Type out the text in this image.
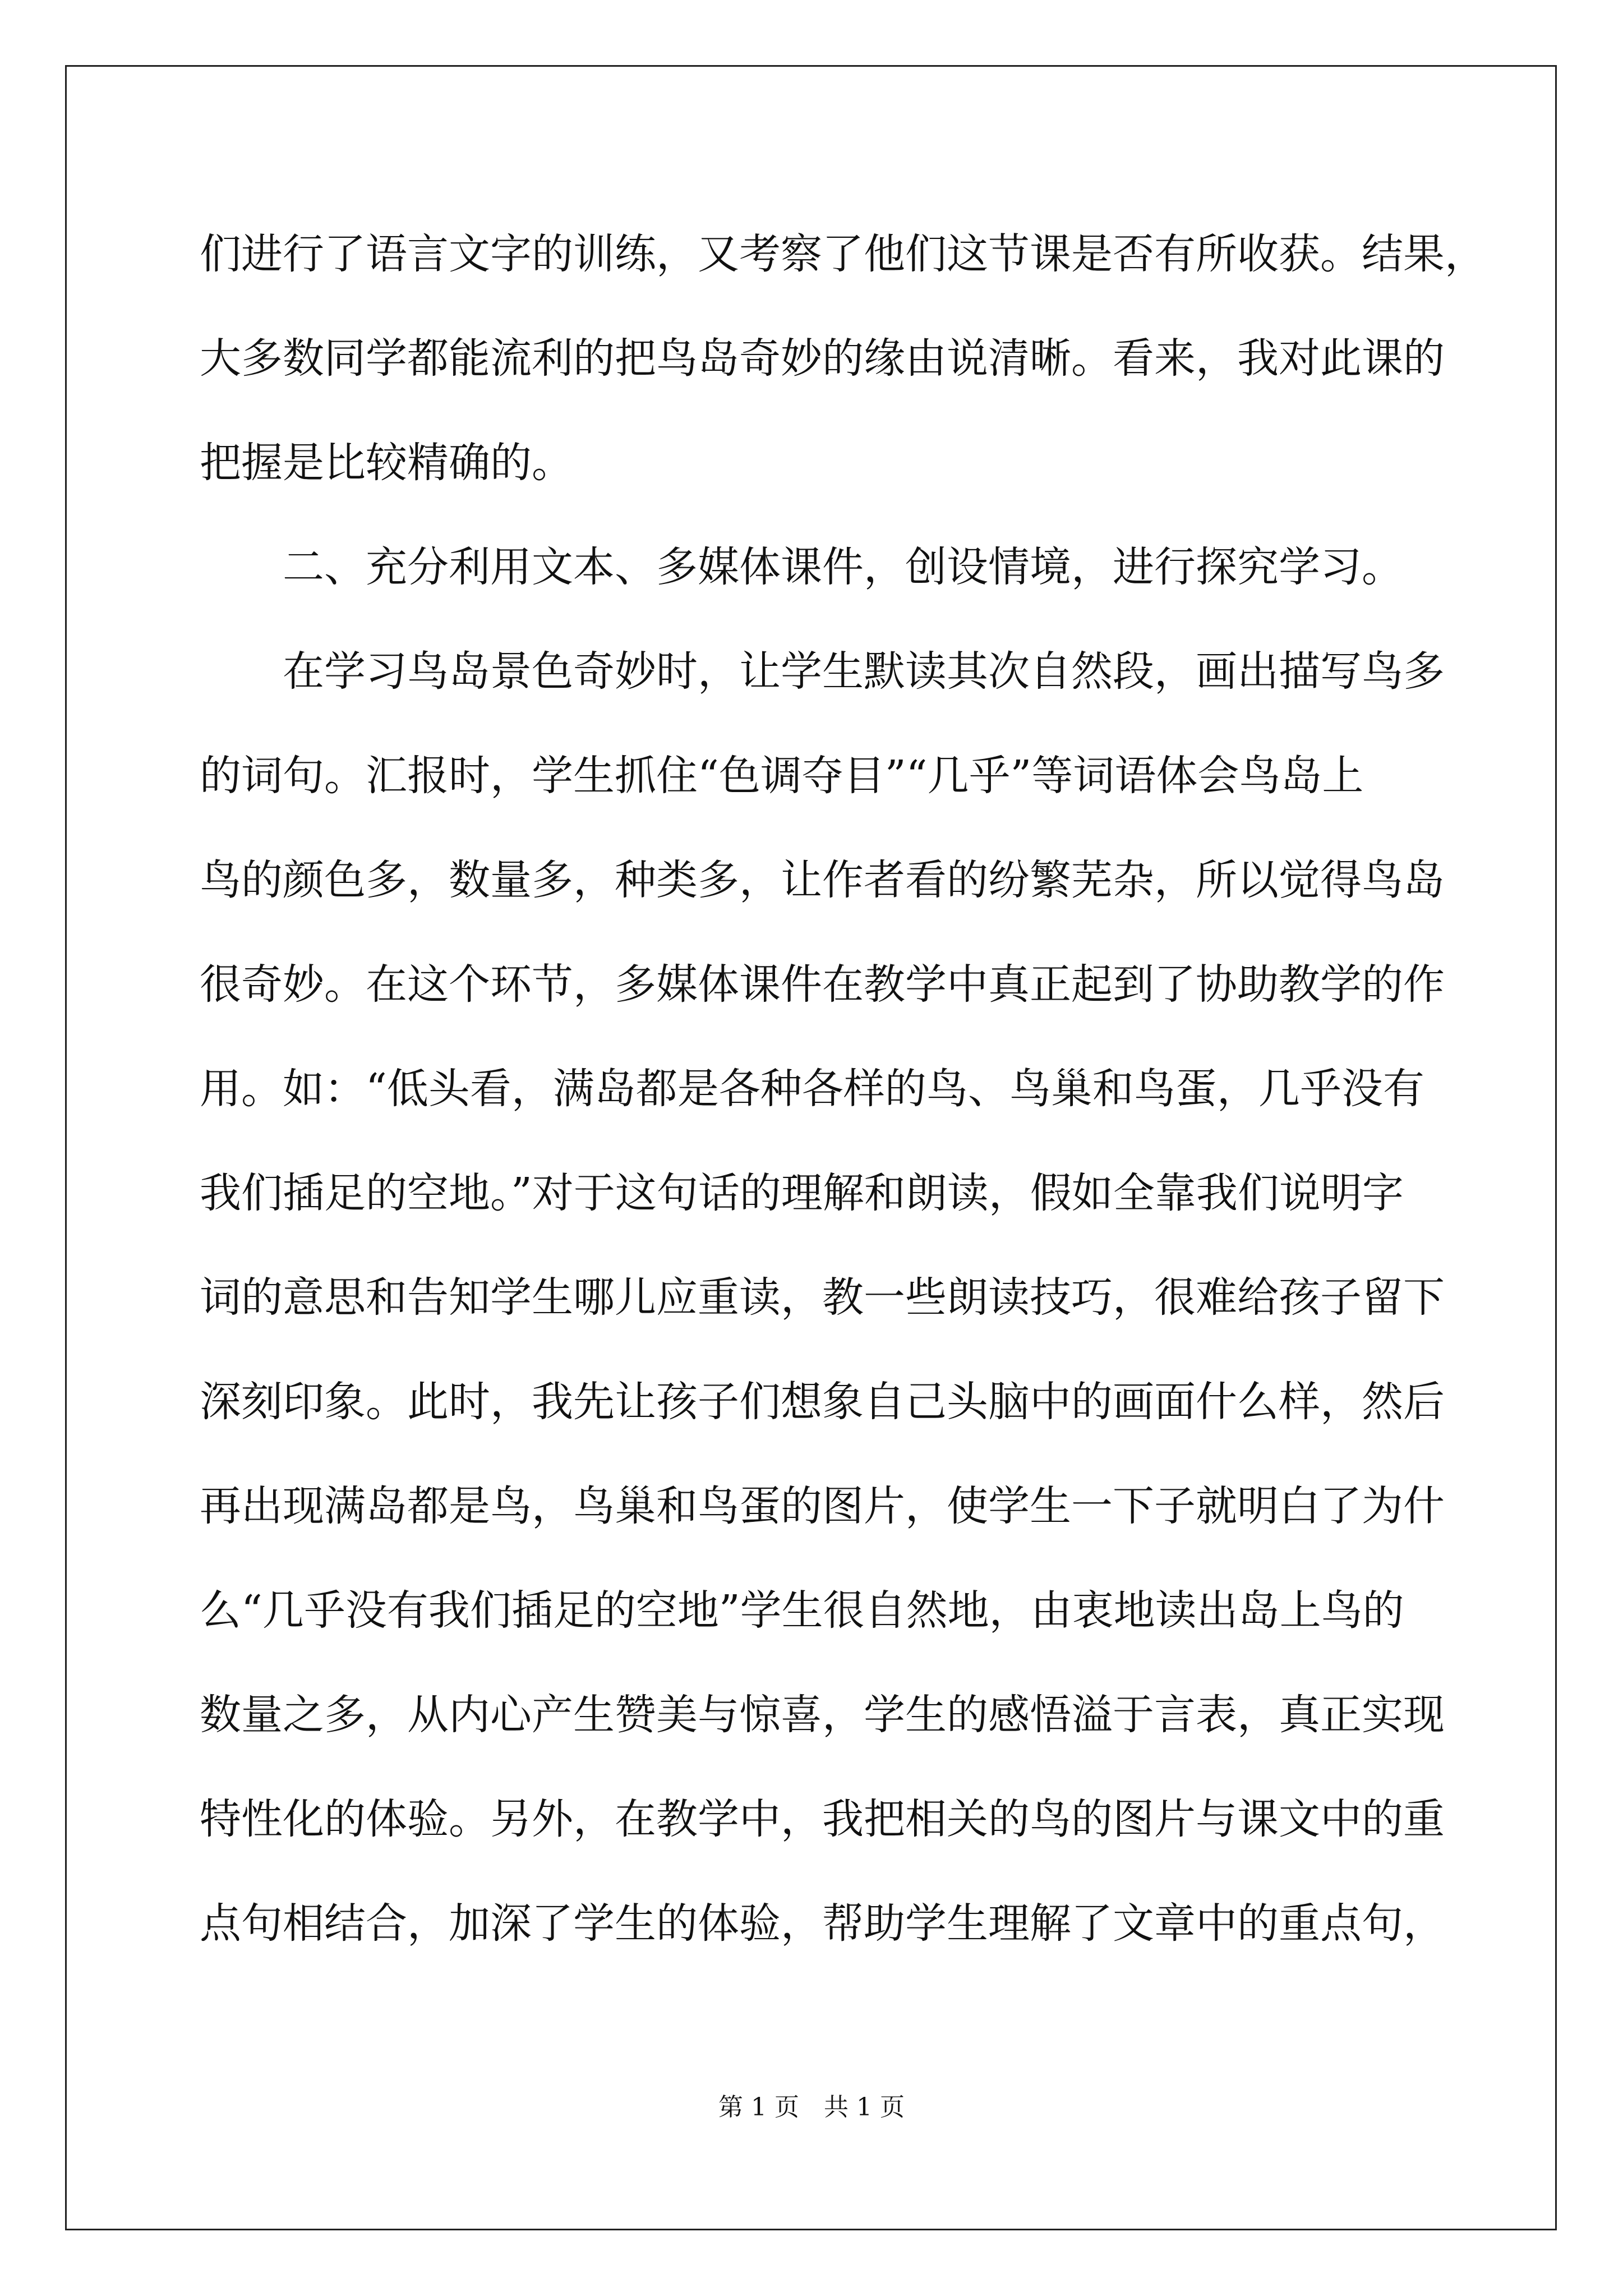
们进行了语言文字的训练，又考察了他们这节课是否有所收获。结果，
大多数同学都能流利的把鸟岛奇妙的缘由说清晰。看来，我对此课的
把握是比较精确的。
二、充分利用文本、多媒体课件，创设情境，进行探究学习。
在学习鸟岛景色奇妙时，让学生默读其次自然段，画出描写鸟多
的词句。汇报时，学生抓住“色调夺目”“几乎”等词语体会鸟岛上
鸟的颜色多，数量多，种类多，让作者看的纷繁芜杂，所以觉得鸟岛
很奇妙。在这个环节，多媒体课件在教学中真正起到了协助教学的作
用。如：“低头看，满岛都是各种各样的鸟、鸟巢和鸟蛋，几乎没有
我们插足的空地。”对于这句话的理解和朗读，假如全靠我们说明字
词的意思和告知学生哪儿应重读，教一些朗读技巧，很难给孩子留下
深刻印象。此时，我先让孩子们想象自己头脑中的画面什么样，然后
再出现满岛都是鸟，鸟巢和鸟蛋的图片，使学生一下子就明白了为什
么“几乎没有我们插足的空地”学生很自然地，由衷地读出岛上鸟的
数量之多，从内心产生赞美与惊喜，学生的感悟溢于言表，真正实现
特性化的体验。另外，在教学中，我把相关的鸟的图片与课文中的重
点句相结合，加深了学生的体验，帮助学生理解了文章中的重点句，
第 1 页　共 1 页
